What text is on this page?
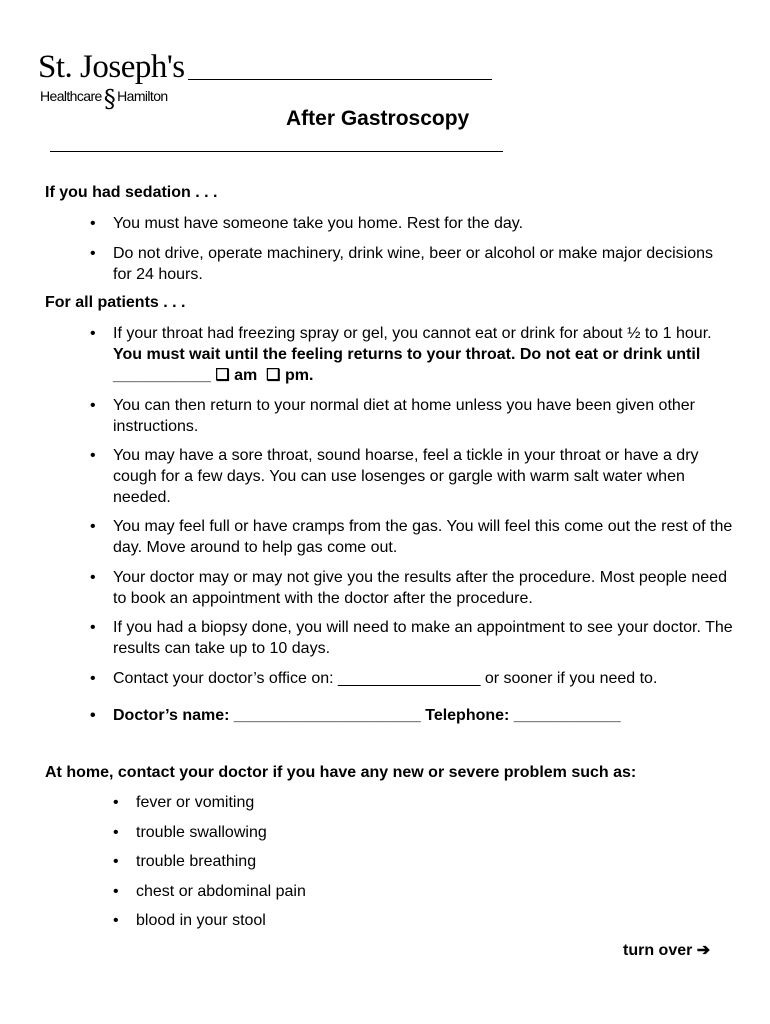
St. Joseph's
Healthcare§ Hamilton
After Gastroscopy
If you had sedation . . .
• You must have someone take you home. Rest for the day.
• Do not drive, operate machinery, drink wine, beer or alcohol or make major decisions for 24 hours.
For all patients . . .
• If your throat had freezing spray or gel, you cannot eat or drink for about ½ to 1 hour. You must wait until the feeling returns to your throat. Do not eat or drink until ___________ ❑ am ❑ pm.
• You can then return to your normal diet at home unless you have been given other instructions.
• You may have a sore throat, sound hoarse, feel a tickle in your throat or have a dry cough for a few days. You can use losenges or gargle with warm salt water when needed.
• You may feel full or have cramps from the gas. You will feel this come out the rest of the day. Move around to help gas come out.
• Your doctor may or may not give you the results after the procedure. Most people need to book an appointment with the doctor after the procedure.
• If you had a biopsy done, you will need to make an appointment to see your doctor. The results can take up to 10 days.
• Contact your doctor’s office on: ________________ or sooner if you need to.
• Doctor’s name: _____________________ Telephone: ____________
At home, contact your doctor if you have any new or severe problem such as:
• fever or vomiting
• trouble swallowing
• trouble breathing
• chest or abdominal pain
• blood in your stool
turn over ➔
